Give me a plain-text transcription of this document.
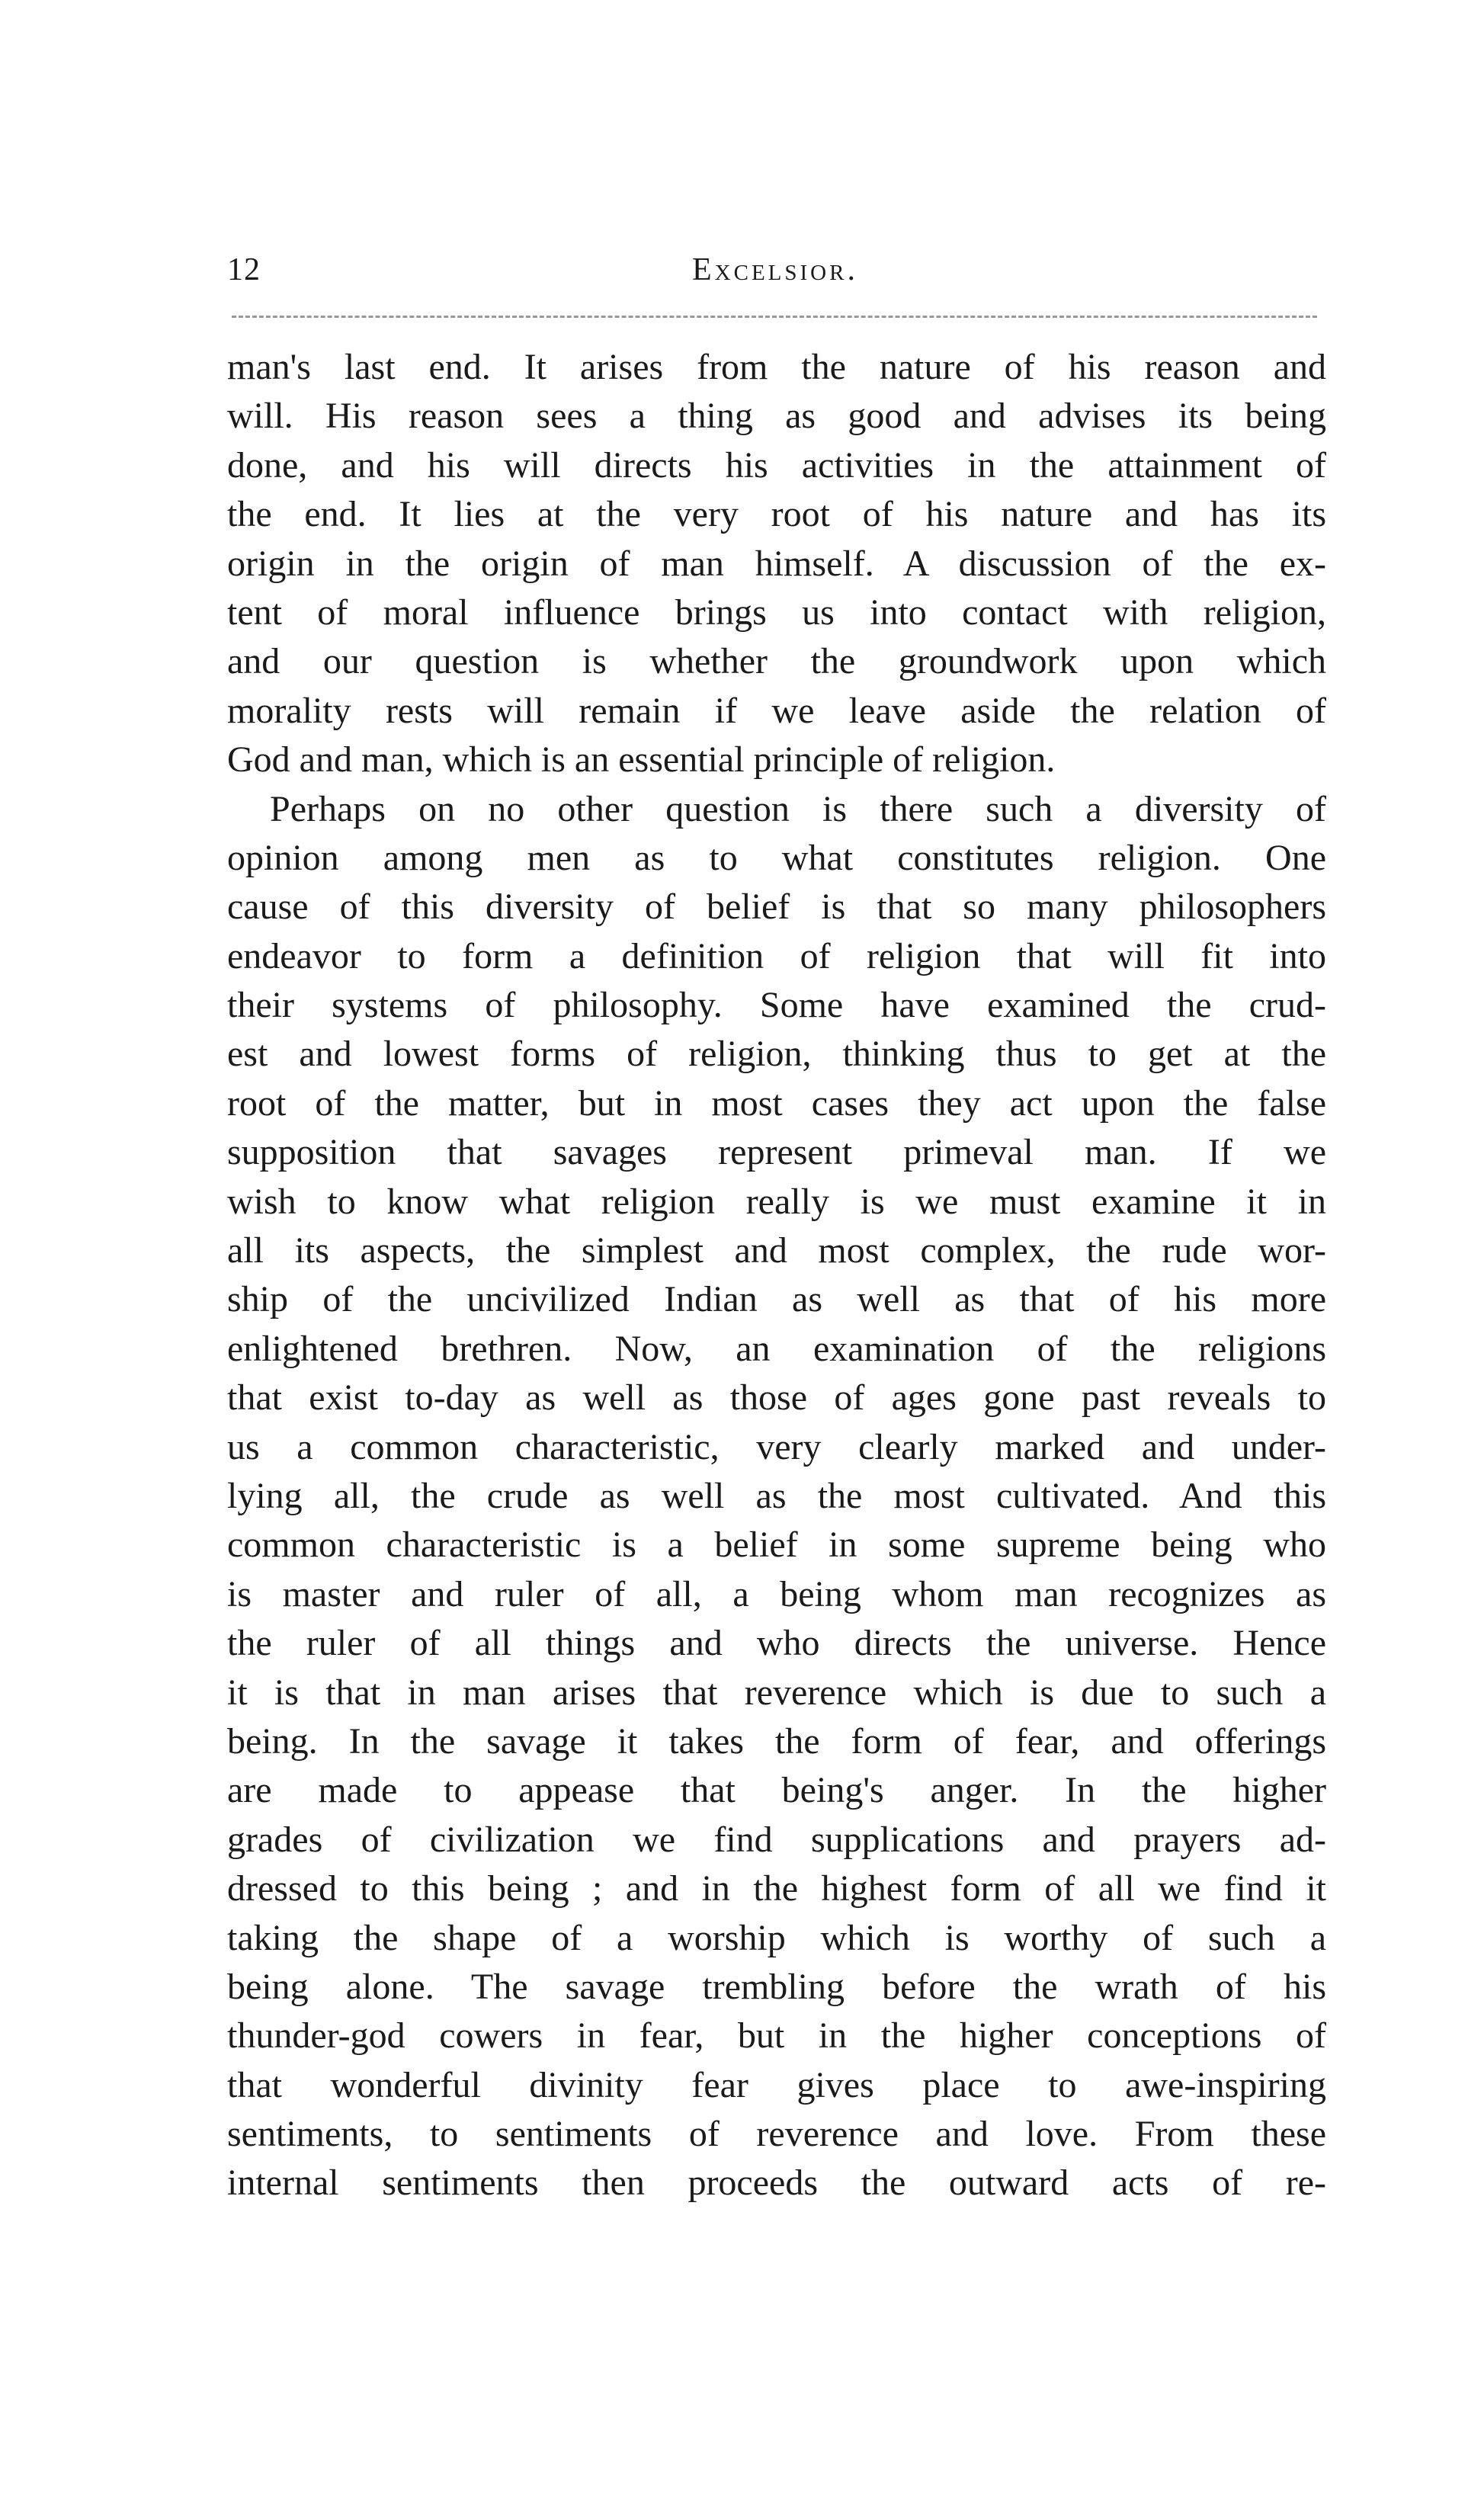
12	Excelsior.
man's last end. It arises from the nature of his reason and
will. His reason sees a thing as good and advises its being
done, and his will directs his activities in the attainment of
the end. It lies at the very root of his nature and has its
origin in the origin of man himself. A discussion of the ex-
tent of moral influence brings us into contact with religion,
and our question is whether the groundwork upon which
morality rests will remain if we leave aside the relation of
God and man, which is an essential principle of religion.
Perhaps on no other question is there such a diversity of
opinion among men as to what constitutes religion. One
cause of this diversity of belief is that so many philosophers
endeavor to form a definition of religion that will fit into
their systems of philosophy. Some have examined the crud-
est and lowest forms of religion, thinking thus to get at the
root of the matter, but in most cases they act upon the false
supposition that savages represent primeval man. If we
wish to know what religion really is we must examine it in
all its aspects, the simplest and most complex, the rude wor-
ship of the uncivilized Indian as well as that of his more
enlightened brethren. Now, an examination of the religions
that exist to-day as well as those of ages gone past reveals to
us a common characteristic, very clearly marked and under-
lying all, the crude as well as the most cultivated. And this
common characteristic is a belief in some supreme being who
is master and ruler of all, a being whom man recognizes as
the ruler of all things and who directs the universe. Hence
it is that in man arises that reverence which is due to such a
being. In the savage it takes the form of fear, and offerings
are made to appease that being's anger. In the higher
grades of civilization we find supplications and prayers ad-
dressed to this being ; and in the highest form of all we find it
taking the shape of a worship which is worthy of such a
being alone. The savage trembling before the wrath of his
thunder-god cowers in fear, but in the higher conceptions of
that wonderful divinity fear gives place to awe-inspiring
sentiments, to sentiments of reverence and love. From these
internal sentiments then proceeds the outward acts of re-
